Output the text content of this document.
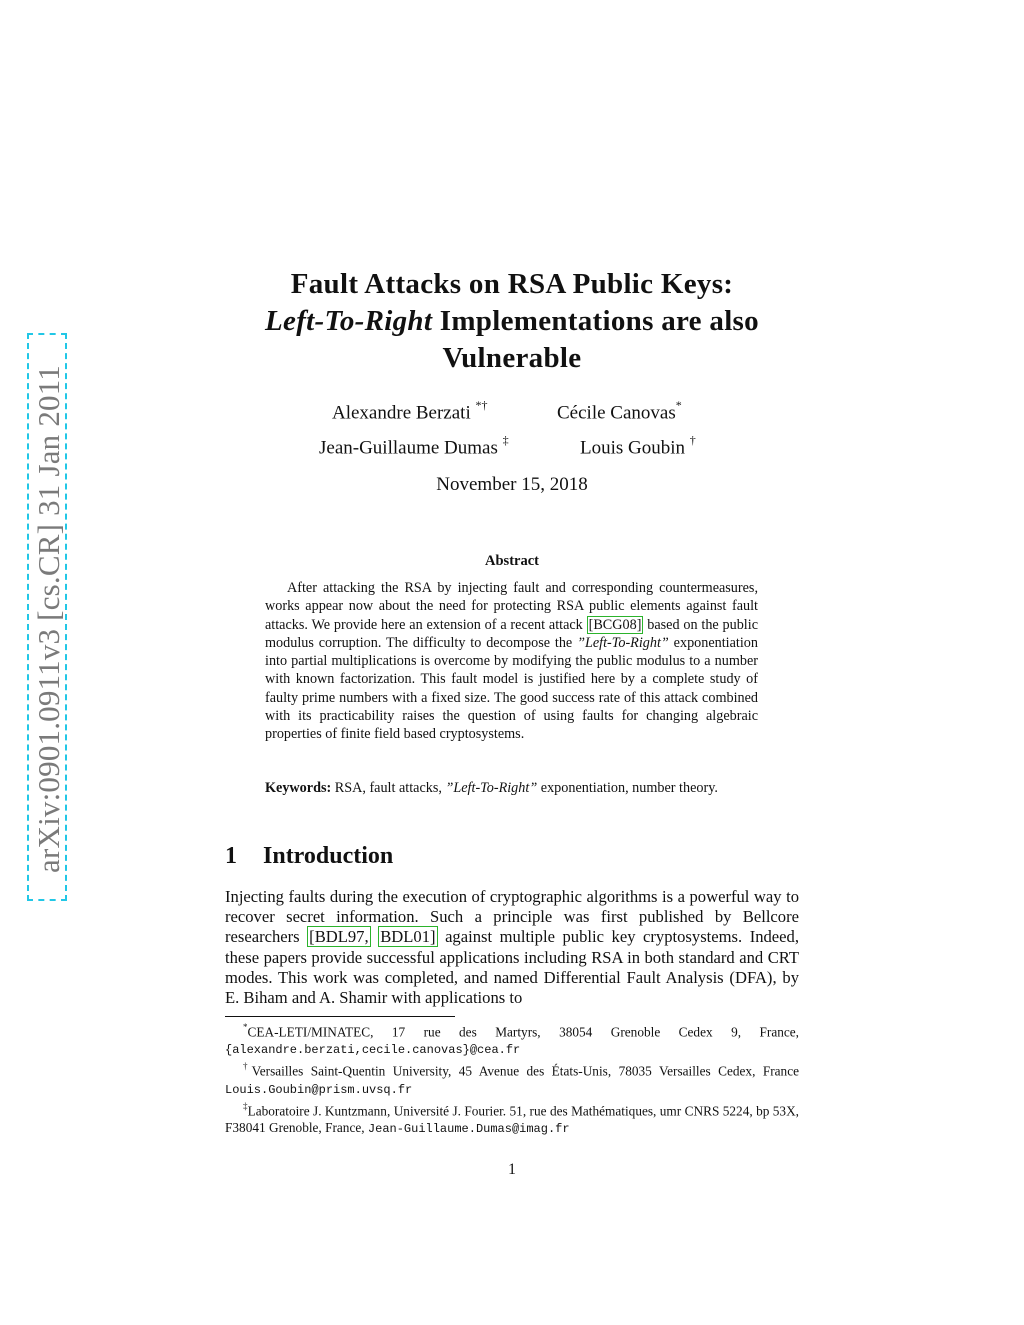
arXiv:0901.0911v3 [cs.CR] 31 Jan 2011
Fault Attacks on RSA Public Keys:
Left-To-Right Implementations are also
Vulnerable
Alexandre Berzati *†	Cécile Canovas*
Jean-Guillaume Dumas ‡	Louis Goubin †
November 15, 2018
Abstract
After attacking the RSA by injecting fault and corresponding countermeasures, works appear now about the need for protecting RSA public elements against fault attacks. We provide here an extension of a recent attack [BCG08] based on the public modulus corruption. The difficulty to decompose the ”Left-To-Right” exponentiation into partial multiplications is overcome by modifying the public modulus to a number with known factorization. This fault model is justified here by a complete study of faulty prime numbers with a fixed size. The good success rate of this attack combined with its practicability raises the question of using faults for changing algebraic properties of finite field based cryptosystems.
Keywords: RSA, fault attacks, ”Left-To-Right” exponentiation, number theory.
1 Introduction
Injecting faults during the execution of cryptographic algorithms is a powerful way to recover secret information. Such a principle was first published by Bellcore researchers [BDL97, BDL01] against multiple public key cryptosystems. Indeed, these papers provide successful applications including RSA in both standard and CRT modes. This work was completed, and named Differential Fault Analysis (DFA), by E. Biham and A. Shamir with applications to

*CEA-LETI/MINATEC, 17 rue des Martyrs, 38054 Grenoble Cedex 9, France, {alexandre.berzati,cecile.canovas}@cea.fr

†Versailles Saint-Quentin University, 45 Avenue des États-Unis, 78035 Versailles Cedex, France Louis.Goubin@prism.uvsq.fr

‡Laboratoire J. Kuntzmann, Université J. Fourier. 51, rue des Mathématiques, umr CNRS 5224, bp 53X, F38041 Grenoble, France, Jean-Guillaume.Dumas@imag.fr

1
